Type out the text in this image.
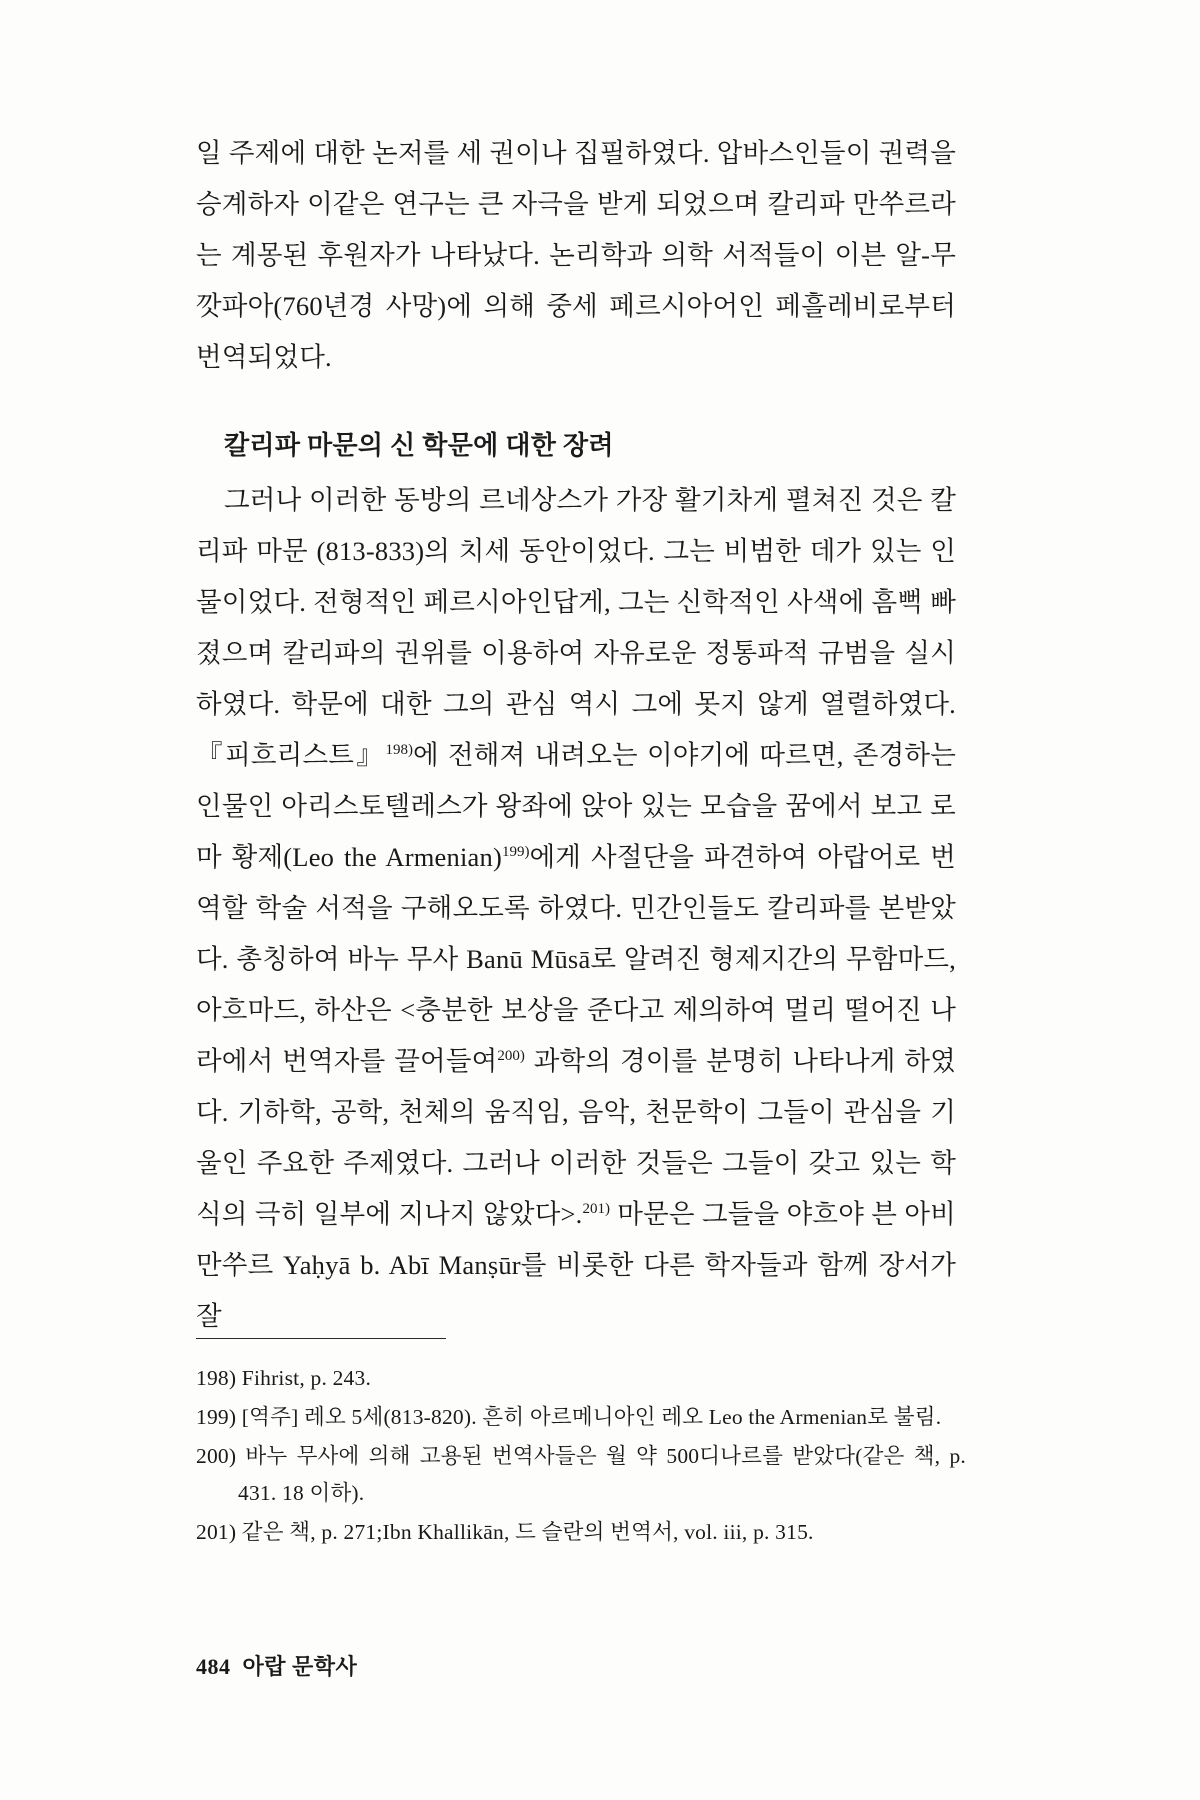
일 주제에 대한 논저를 세 권이나 집필하였다. 압바스인들이 권력을 승계하자 이같은 연구는 큰 자극을 받게 되었으며 칼리파 만쑤르라는 계몽된 후원자가 나타났다. 논리학과 의학 서적들이 이븐 알-무깟파아(760년경 사망)에 의해 중세 페르시아어인 페흘레비로부터 번역되었다.

칼리파 마문의 신 학문에 대한 장려

그러나 이러한 동방의 르네상스가 가장 활기차게 펼쳐진 것은 칼리파 마문 (813-833)의 치세 동안이었다. 그는 비범한 데가 있는 인물이었다. 전형적인 페르시아인답게, 그는 신학적인 사색에 흠뻑 빠졌으며 칼리파의 권위를 이용하여 자유로운 정통파적 규범을 실시하였다. 학문에 대한 그의 관심 역시 그에 못지 않게 열렬하였다. 『피흐리스트』$^{198)}$에 전해져 내려오는 이야기에 따르면, 존경하는 인물인 아리스토텔레스가 왕좌에 앉아 있는 모습을 꿈에서 보고 로마 황제(Leo the Armenian)$^{199)}$에게 사절단을 파견하여 아랍어로 번역할 학술 서적을 구해오도록 하였다. 민간인들도 칼리파를 본받았다. 총칭하여 바누 무사 Banū Mūsā로 알려진 형제지간의 무함마드, 아흐마드, 하산은 <충분한 보상을 준다고 제의하여 멀리 떨어진 나라에서 번역자를 끌어들여$^{200)}$ 과학의 경이를 분명히 나타나게 하였다. 기하학, 공학, 천체의 움직임, 음악, 천문학이 그들이 관심을 기울인 주요한 주제였다. 그러나 이러한 것들은 그들이 갖고 있는 학식의 극히 일부에 지나지 않았다>.$^{201)}$ 마문은 그들을 야흐야 븐 아비 만쑤르 Yaḥyā b. Abī Manṣūr를 비롯한 다른 학자들과 함께 장서가 잘

198) Fihrist, p. 243.

199) [역주] 레오 5세(813-820). 흔히 아르메니아인 레오 Leo the Armenian로 불림.

200) 바누 무사에 의해 고용된 번역사들은 월 약 500디나르를 받았다(같은 책, p. 431. 18 이하).

201) 같은 책, p. 271;Ibn Khallikān, 드 슬란의 번역서, vol. iii, p. 315.

484 아랍 문학사
